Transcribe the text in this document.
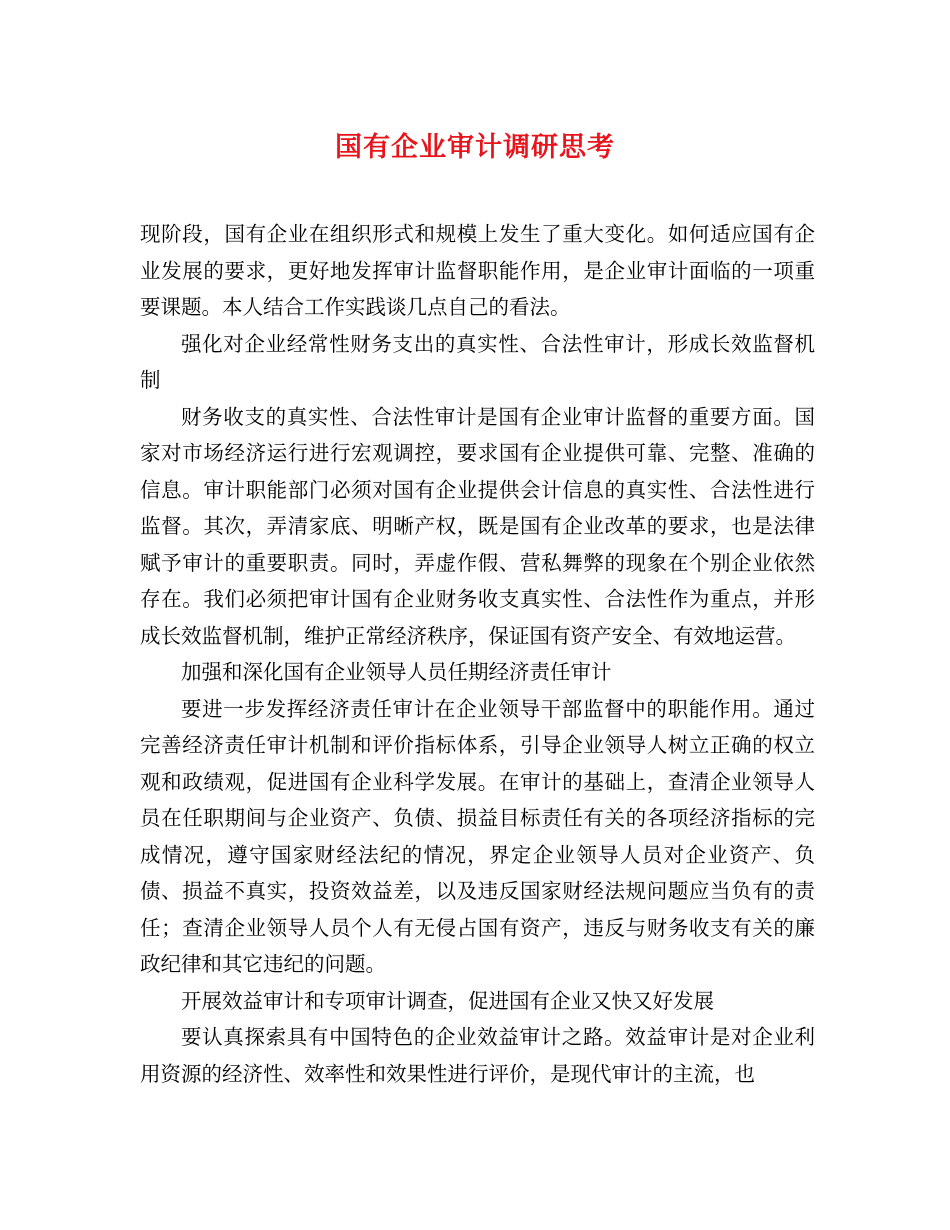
国有企业审计调研思考

现阶段，国有企业在组织形式和规模上发生了重大变化。如何适应国有企业发展的要求，更好地发挥审计监督职能作用，是企业审计面临的一项重要课题。本人结合工作实践谈几点自己的看法。

强化对企业经常性财务支出的真实性、合法性审计，形成长效监督机制

财务收支的真实性、合法性审计是国有企业审计监督的重要方面。国家对市场经济运行进行宏观调控，要求国有企业提供可靠、完整、准确的信息。审计职能部门必须对国有企业提供会计信息的真实性、合法性进行监督。其次，弄清家底、明晰产权，既是国有企业改革的要求，也是法律赋予审计的重要职责。同时，弄虚作假、营私舞弊的现象在个别企业依然存在。我们必须把审计国有企业财务收支真实性、合法性作为重点，并形成长效监督机制，维护正常经济秩序，保证国有资产安全、有效地运营。

加强和深化国有企业领导人员任期经济责任审计

要进一步发挥经济责任审计在企业领导干部监督中的职能作用。通过完善经济责任审计机制和评价指标体系，引导企业领导人树立正确的权立观和政绩观，促进国有企业科学发展。在审计的基础上，查清企业领导人员在任职期间与企业资产、负债、损益目标责任有关的各项经济指标的完成情况，遵守国家财经法纪的情况，界定企业领导人员对企业资产、负债、损益不真实，投资效益差，以及违反国家财经法规问题应当负有的责任；查清企业领导人员个人有无侵占国有资产，违反与财务收支有关的廉政纪律和其它违纪的问题。

开展效益审计和专项审计调查，促进国有企业又快又好发展

要认真探索具有中国特色的企业效益审计之路。效益审计是对企业利用资源的经济性、效率性和效果性进行评价，是现代审计的主流，也
